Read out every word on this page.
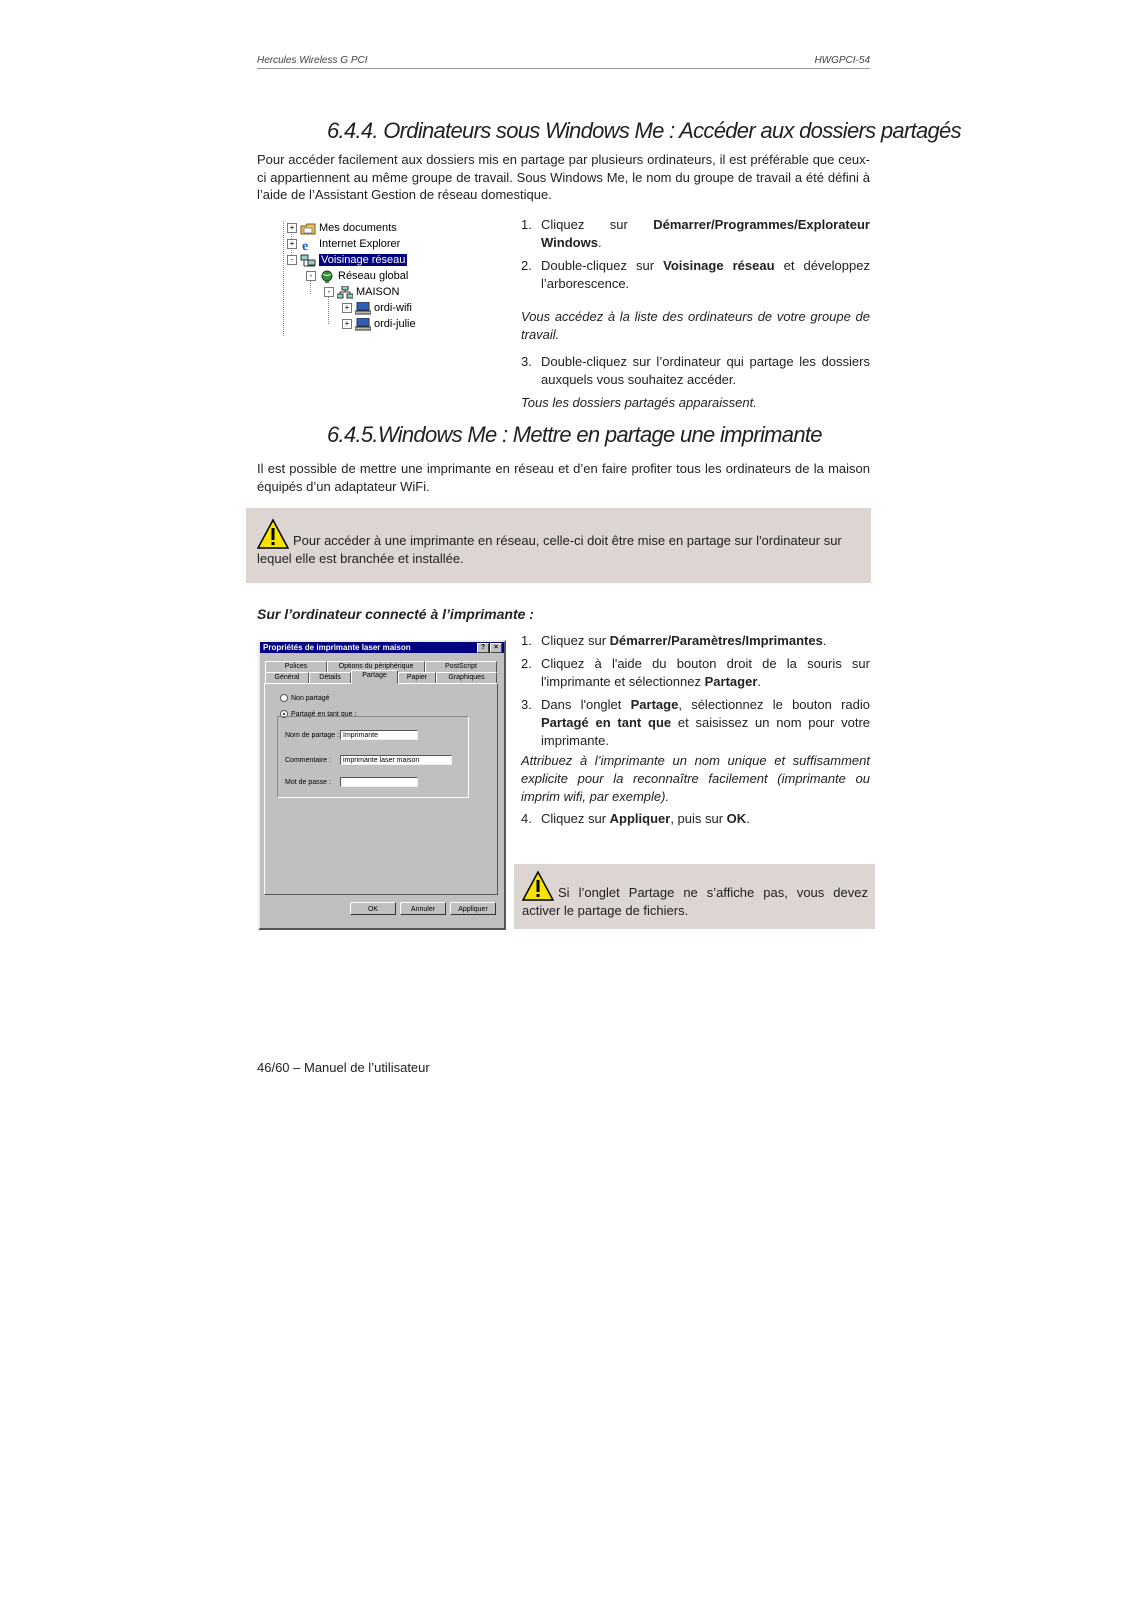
Hercules Wireless G PCI	HWGPCI-54
6.4.4. Ordinateurs sous Windows Me : Accéder aux dossiers partagés
Pour accéder facilement aux dossiers mis en partage par plusieurs ordinateurs, il est préférable que ceux-ci appartiennent au même groupe de travail. Sous Windows Me, le nom du groupe de travail a été défini à l’aide de l’Assistant Gestion de réseau domestique.
+ Mes documents
+ e Internet Explorer
-	Voisinage réseau
- Réseau global
- MAISON
+ ordi-wifi
+ ordi-julie
1. Cliquez sur Démarrer/Programmes/Explorateur Windows.
2. Double-cliquez sur Voisinage réseau et développez l’arborescence.
Vous accédez à la liste des ordinateurs de votre groupe de travail.
3. Double-cliquez sur l’ordinateur qui partage les dossiers auxquels vous souhaitez accéder.
Tous les dossiers partagés apparaissent.
6.4.5.Windows Me : Mettre en partage une imprimante
Il est possible de mettre une imprimante en réseau et d’en faire profiter tous les ordinateurs de la maison équipés d’un adaptateur WiFi.
Pour accéder à une imprimante en réseau, celle-ci doit être mise en partage sur l'ordinateur sur lequel elle est branchée et installée.
Sur l’ordinateur connecté à l’imprimante :
Propriétés de imprimante laser maison	?	×
Polices	Options du périphérique	PostScript
Général	Détails	Partage	Papier	Graphiques
Non partagé
Partagé en tant que :
Nom de partage : Imprimante
Commentaire :	imprimante laser maison
Mot de passe :
OK	Annuler	Appliquer
1. Cliquez sur Démarrer/Paramètres/Imprimantes.
2. Cliquez à l'aide du bouton droit de la souris sur l'imprimante et sélectionnez Partager.
3. Dans l'onglet Partage, sélectionnez le bouton radio Partagé en tant que et saisissez un nom pour votre imprimante.
Attribuez à l’imprimante un nom unique et suffisamment explicite pour la reconnaître facilement (imprimante ou imprim wifi, par exemple).
4. Cliquez sur Appliquer, puis sur OK.
Si l’onglet Partage ne s’affiche pas, vous devez activer le partage de fichiers.
46/60 – Manuel de l’utilisateur
